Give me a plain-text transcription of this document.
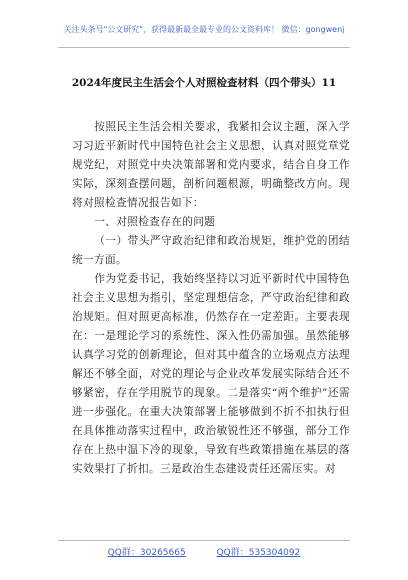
关注头条号"公文研究"，获得最新最全最专业的公文资料库！ 微信：gongwenj
2024年度民主生活会个人对照检查材料（四个带头）11

按照民主生活会相关要求，我紧扣会议主题，深入学习习近平新时代中国特色社会主义思想，认真对照党章党规党纪，对照党中央决策部署和党内要求，结合自身工作实际，深刻查摆问题，剖析问题根源，明确整改方向。现将对照检查情况报告如下：

一、对照检查存在的问题

（一）带头严守政治纪律和政治规矩，维护党的团结统一方面。

作为党委书记，我始终坚持以习近平新时代中国特色社会主义思想为指引，坚定理想信念，严守政治纪律和政治规矩。但对照更高标准，仍然存在一定差距。主要表现在：一是理论学习的系统性、深入性仍需加强。虽然能够认真学习党的创新理论，但对其中蕴含的立场观点方法理解还不够全面，对党的理论与企业改革发展实际结合还不够紧密，存在学用脱节的现象。二是落实“两个维护”还需进一步强化。在重大决策部署上能够做到不折不扣执行但在具体推动落实过程中，政治敏锐性还不够强，部分工作存在上热中温下冷的现象，导致有些政策措施在基层的落实效果打了折扣。三是政治生态建设责任还需压实。对

QQ群：30265665	QQ群：535304092
